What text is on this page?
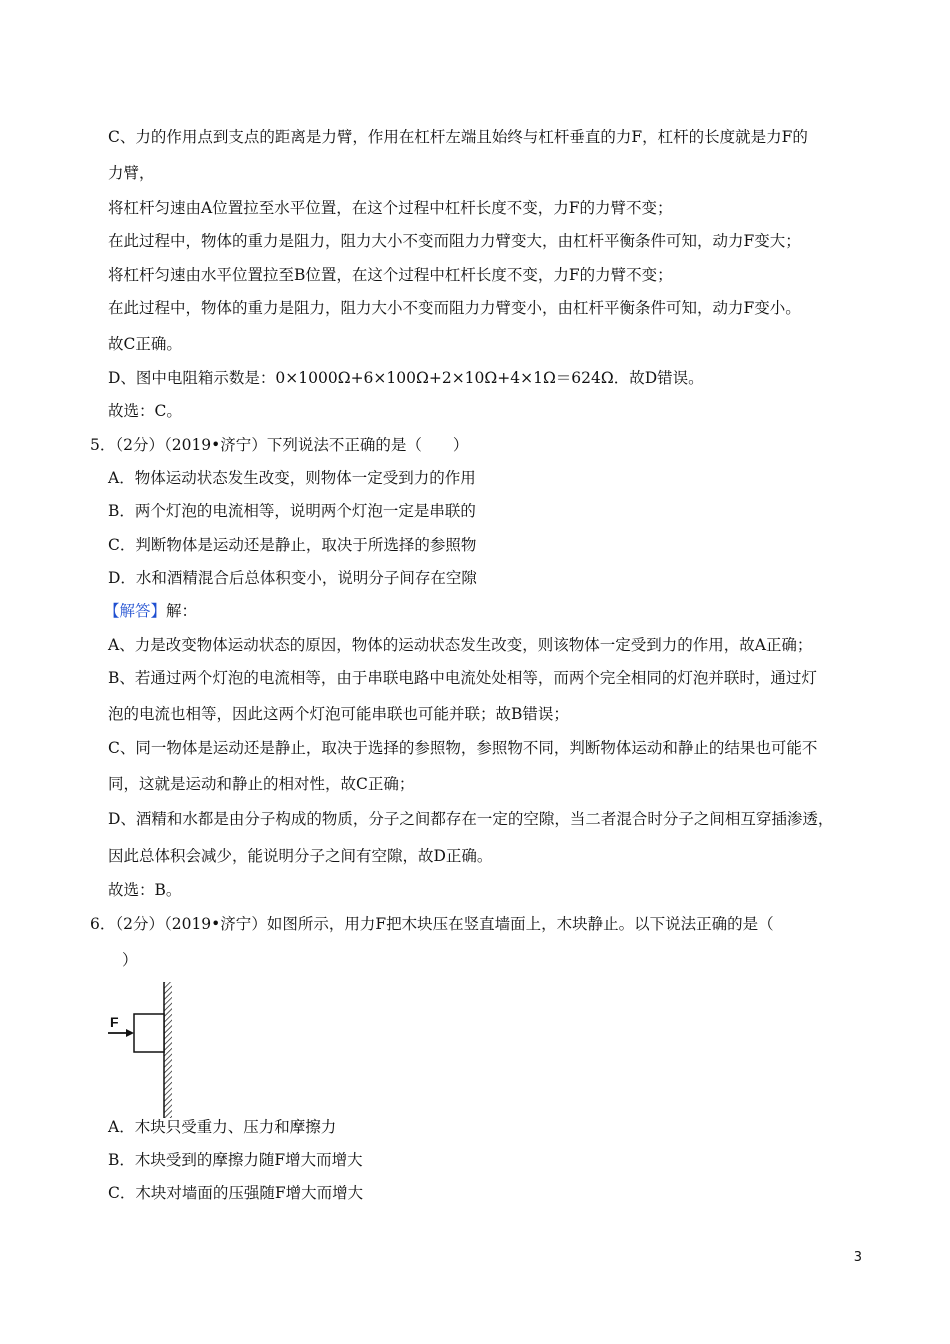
C、力的作用点到支点的距离是力臂，作用在杠杆左端且始终与杠杆垂直的力F，杠杆的长度就是力F的
力臂，
将杠杆匀速由A位置拉至水平位置，在这个过程中杠杆长度不变，力F的力臂不变；
在此过程中，物体的重力是阻力，阻力大小不变而阻力力臂变大，由杠杆平衡条件可知，动力F变大；
将杠杆匀速由水平位置拉至B位置，在这个过程中杠杆长度不变，力F的力臂不变；
在此过程中，物体的重力是阻力，阻力大小不变而阻力力臂变小，由杠杆平衡条件可知，动力F变小。
故C正确。
D、图中电阻箱示数是：0×1000Ω+6×100Ω+2×10Ω+4×1Ω＝624Ω．故D错误。
故选：C。
5．（2分）（2019•济宁）下列说法不正确的是（　　）
A．物体运动状态发生改变，则物体一定受到力的作用
B．两个灯泡的电流相等，说明两个灯泡一定是串联的
C．判断物体是运动还是静止，取决于所选择的参照物
D．水和酒精混合后总体积变小，说明分子间存在空隙
【解答】解：
A、力是改变物体运动状态的原因，物体的运动状态发生改变，则该物体一定受到力的作用，故A正确；
B、若通过两个灯泡的电流相等，由于串联电路中电流处处相等，而两个完全相同的灯泡并联时，通过灯
泡的电流也相等，因此这两个灯泡可能串联也可能并联；故B错误；
C、同一物体是运动还是静止，取决于选择的参照物，参照物不同，判断物体运动和静止的结果也可能不
同，这就是运动和静止的相对性，故C正确；
D、酒精和水都是由分子构成的物质，分子之间都存在一定的空隙，当二者混合时分子之间相互穿插渗透，
因此总体积会减少，能说明分子之间有空隙，故D正确。
故选：B。
6．（2分）（2019•济宁）如图所示，用力F把木块压在竖直墙面上，木块静止。以下说法正确的是（
）
F
A．木块只受重力、压力和摩擦力
B．木块受到的摩擦力随F增大而增大
C．木块对墙面的压强随F增大而增大
3
